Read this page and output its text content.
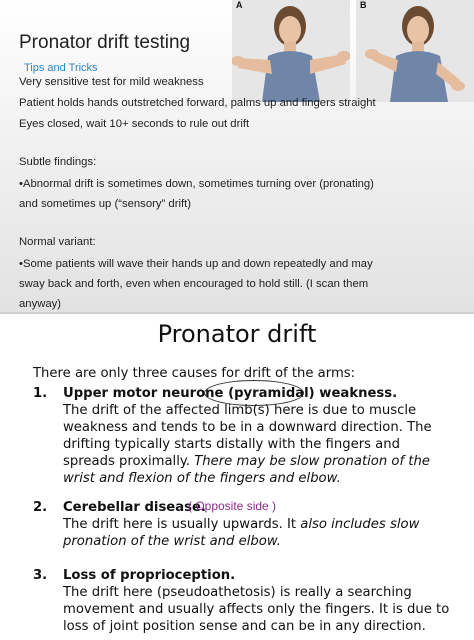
Pronator drift testing
Tips and Tricks
A	B
Very sensitive test for mild weakness
Patient holds hands outstretched forward, palms up and fingers straight
Eyes closed, wait 10+ seconds to rule out drift
Subtle findings:
•Abnormal drift is sometimes down, sometimes turning over (pronating)
and sometimes up (“sensory” drift)
Normal variant:
•Some patients will wave their hands up and down repeatedly and may
sway back and forth, even when encouraged to hold still. (I scan them
anyway)
Pronator drift
There are only three causes for drift of the arms:
1. Upper motor neurone (pyramidal) weakness.
The drift of the affected limb(s) here is due to muscle
weakness and tends to be in a downward direction. The
drifting typically starts distally with the fingers and
spreads proximally. There may be slow pronation of the
wrist and flexion of the fingers and elbow.
2. Cerebellar disease.
( Opposite side )
The drift here is usually upwards. It also includes slow
pronation of the wrist and elbow.
3. Loss of proprioception.
The drift here (pseudoathetosis) is really a searching
movement and usually affects only the fingers. It is due to
loss of joint position sense and can be in any direction.
